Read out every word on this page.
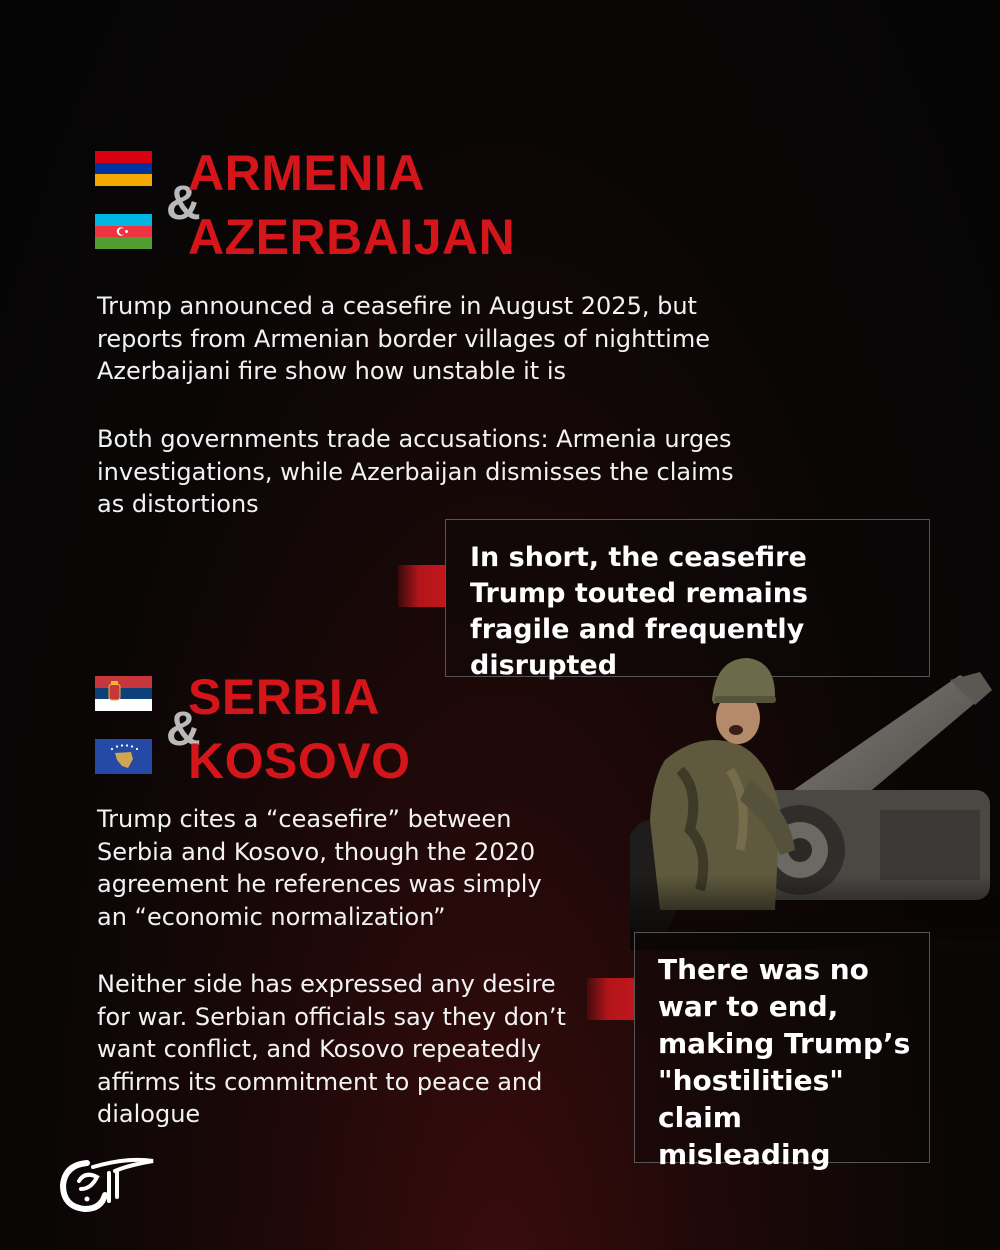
&
ARMENIA
AZERBAIJAN

Trump announced a ceasefire in August 2025, but reports from Armenian border villages of nighttime Azerbaijani fire show how unstable it is

Both governments trade accusations: Armenia urges investigations, while Azerbaijan dismisses the claims as distortions

In short, the ceasefire Trump touted remains fragile and frequently disrupted

&
SERBIA
KOSOVO

Trump cites a “ceasefire” between Serbia and Kosovo, though the 2020 agreement he references was simply an “economic normalization”

Neither side has expressed any desire for war. Serbian officials say they don’t want conflict, and Kosovo repeatedly affirms its commitment to peace and dialogue

There was no war to end, making Trump’s "hostilities" claim misleading
